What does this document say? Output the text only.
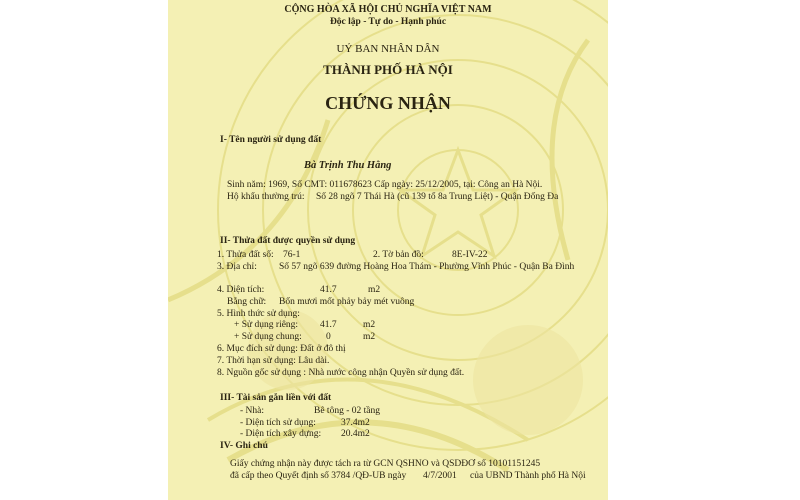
CỘNG HÒA XÃ HỘI CHỦ NGHĨA VIỆT NAM
Độc lập - Tự do - Hạnh phúc
UỶ BAN NHÂN DÂN
THÀNH PHỐ HÀ NỘI
CHỨNG NHẬN
I- Tên người sử dụng đất
Bà Trịnh Thu Hằng
Sinh năm: 1969, Số CMT: 011678623 Cấp ngày: 25/12/2005, tại: Công an Hà Nội.
Hộ khẩu thường trú: Số 28 ngõ 7 Thái Hà (cũ 139 tổ 8a Trung Liệt) - Quận Đống Đa
II- Thửa đất được quyền sử dụng
1. Thửa đất số: 76-1	2. Tờ bản đồ:	8E-IV-22
3. Địa chỉ: Số 57 ngõ 639 đường Hoàng Hoa Thám - Phường Vĩnh Phúc - Quận Ba Đình
4. Diện tích:	41.7	m2
Bằng chữ: Bốn mươi mốt phảy bảy mét vuông
5. Hình thức sử dụng:
+ Sử dụng riêng: 41.7	m2
+ Sử dụng chung:	0	m2
6. Mục đích sử dụng: Đất ở đô thị
7. Thời hạn sử dụng: Lâu dài.
8. Nguồn gốc sử dụng : Nhà nước công nhận Quyền sử dụng đất.
III- Tài sản gắn liền với đất
- Nhà:	Bê tông - 02 tầng
- Diện tích sử dụng:	37.4m2
- Diện tích xây dựng: 20.4m2
IV- Ghi chú
Giấy chứng nhận này được tách ra từ GCN QSHNO và QSDĐƠ số 10101151245
đã cấp theo Quyết định số 3784 /QĐ-UB ngày 4/7/2001 của UBND Thành phố Hà Nội
